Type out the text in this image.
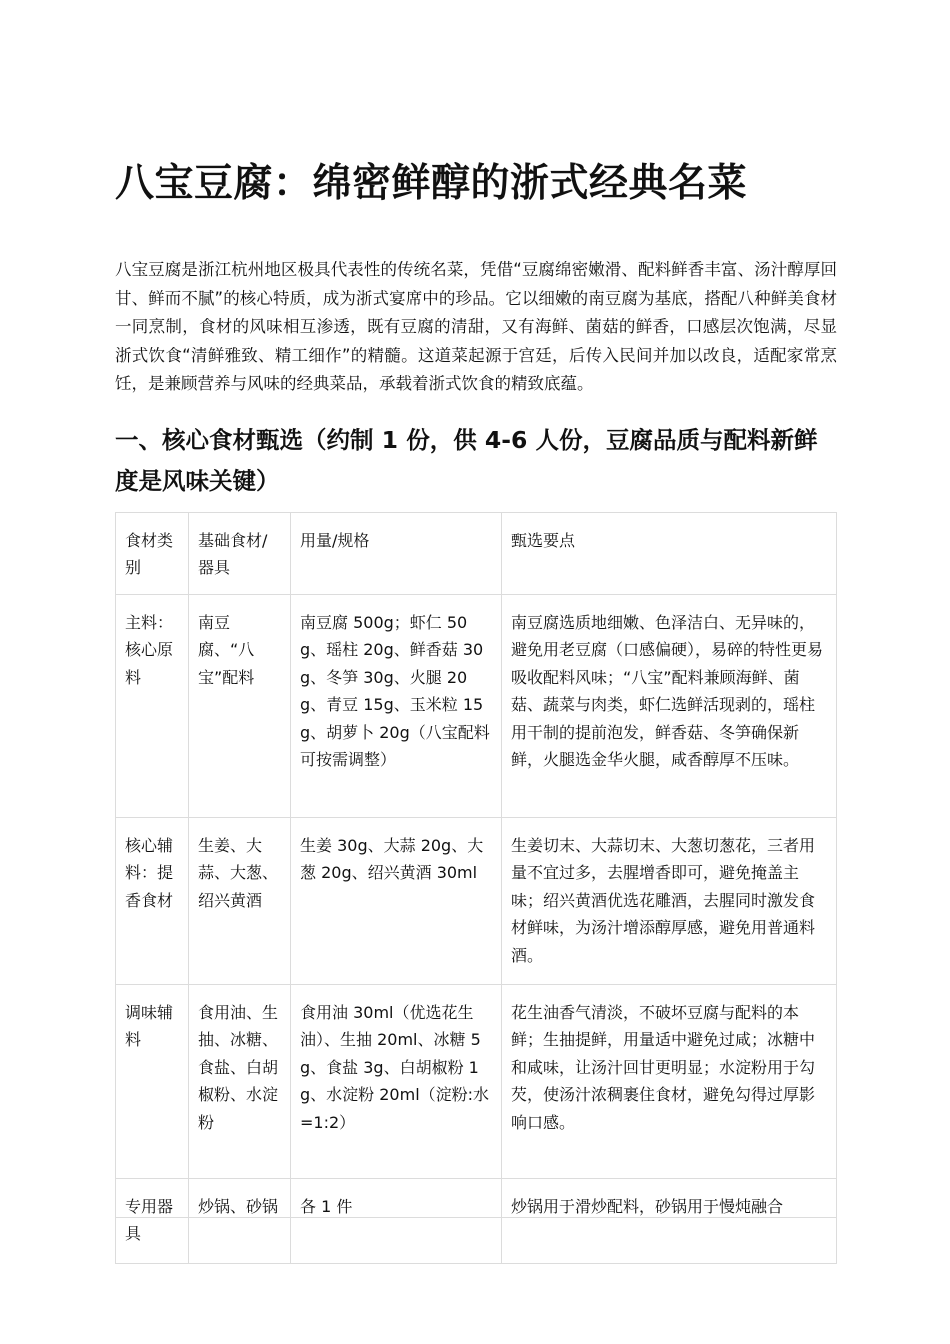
八宝豆腐：绵密鲜醇的浙式经典名菜

八宝豆腐是浙江杭州地区极具代表性的传统名菜，凭借“豆腐绵密嫩滑、配料鲜香丰富、汤汁醇厚回甘、鲜而不腻”的核心特质，成为浙式宴席中的珍品。它以细嫩的南豆腐为基底，搭配八种鲜美食材一同烹制，食材的风味相互渗透，既有豆腐的清甜，又有海鲜、菌菇的鲜香，口感层次饱满，尽显浙式饮食“清鲜雅致、精工细作”的精髓。这道菜起源于宫廷，后传入民间并加以改良，适配家常烹饪，是兼顾营养与风味的经典菜品，承载着浙式饮食的精致底蕴。

一、核心食材甄选（约制 1 份，供 4-6 人份，豆腐品质与配料新鲜度是风味关键）
食材类别	基础食材/器具	用量/规格	甄选要点
主料：核心原料	南豆腐、“八宝”配料	南豆腐 500g；虾仁 50g、瑶柱 20g、鲜香菇 30g、冬笋 30g、火腿 20g、青豆 15g、玉米粒 15g、胡萝卜 20g（八宝配料可按需调整）	南豆腐选质地细嫩、色泽洁白、无异味的，避免用老豆腐（口感偏硬），易碎的特性更易吸收配料风味；“八宝”配料兼顾海鲜、菌菇、蔬菜与肉类，虾仁选鲜活现剥的，瑶柱用干制的提前泡发，鲜香菇、冬笋确保新鲜，火腿选金华火腿，咸香醇厚不压味。
核心辅料：提香食材	生姜、大蒜、大葱、绍兴黄酒	生姜 30g、大蒜 20g、大葱 20g、绍兴黄酒 30ml	生姜切末、大蒜切末、大葱切葱花，三者用量不宜过多，去腥增香即可，避免掩盖主味；绍兴黄酒优选花雕酒，去腥同时激发食材鲜味，为汤汁增添醇厚感，避免用普通料酒。
调味辅料	食用油、生抽、冰糖、食盐、白胡椒粉、水淀粉	食用油 30ml（优选花生油）、生抽 20ml、冰糖 5g、食盐 3g、白胡椒粉 1g、水淀粉 20ml（淀粉:水=1:2）	花生油香气清淡，不破坏豆腐与配料的本鲜；生抽提鲜，用量适中避免过咸；冰糖中和咸味，让汤汁回甘更明显；水淀粉用于勾芡，使汤汁浓稠裹住食材，避免勾得过厚影响口感。
专用器具	炒锅、砂锅	各 1 件	炒锅用于滑炒配料，砂锅用于慢炖融合
